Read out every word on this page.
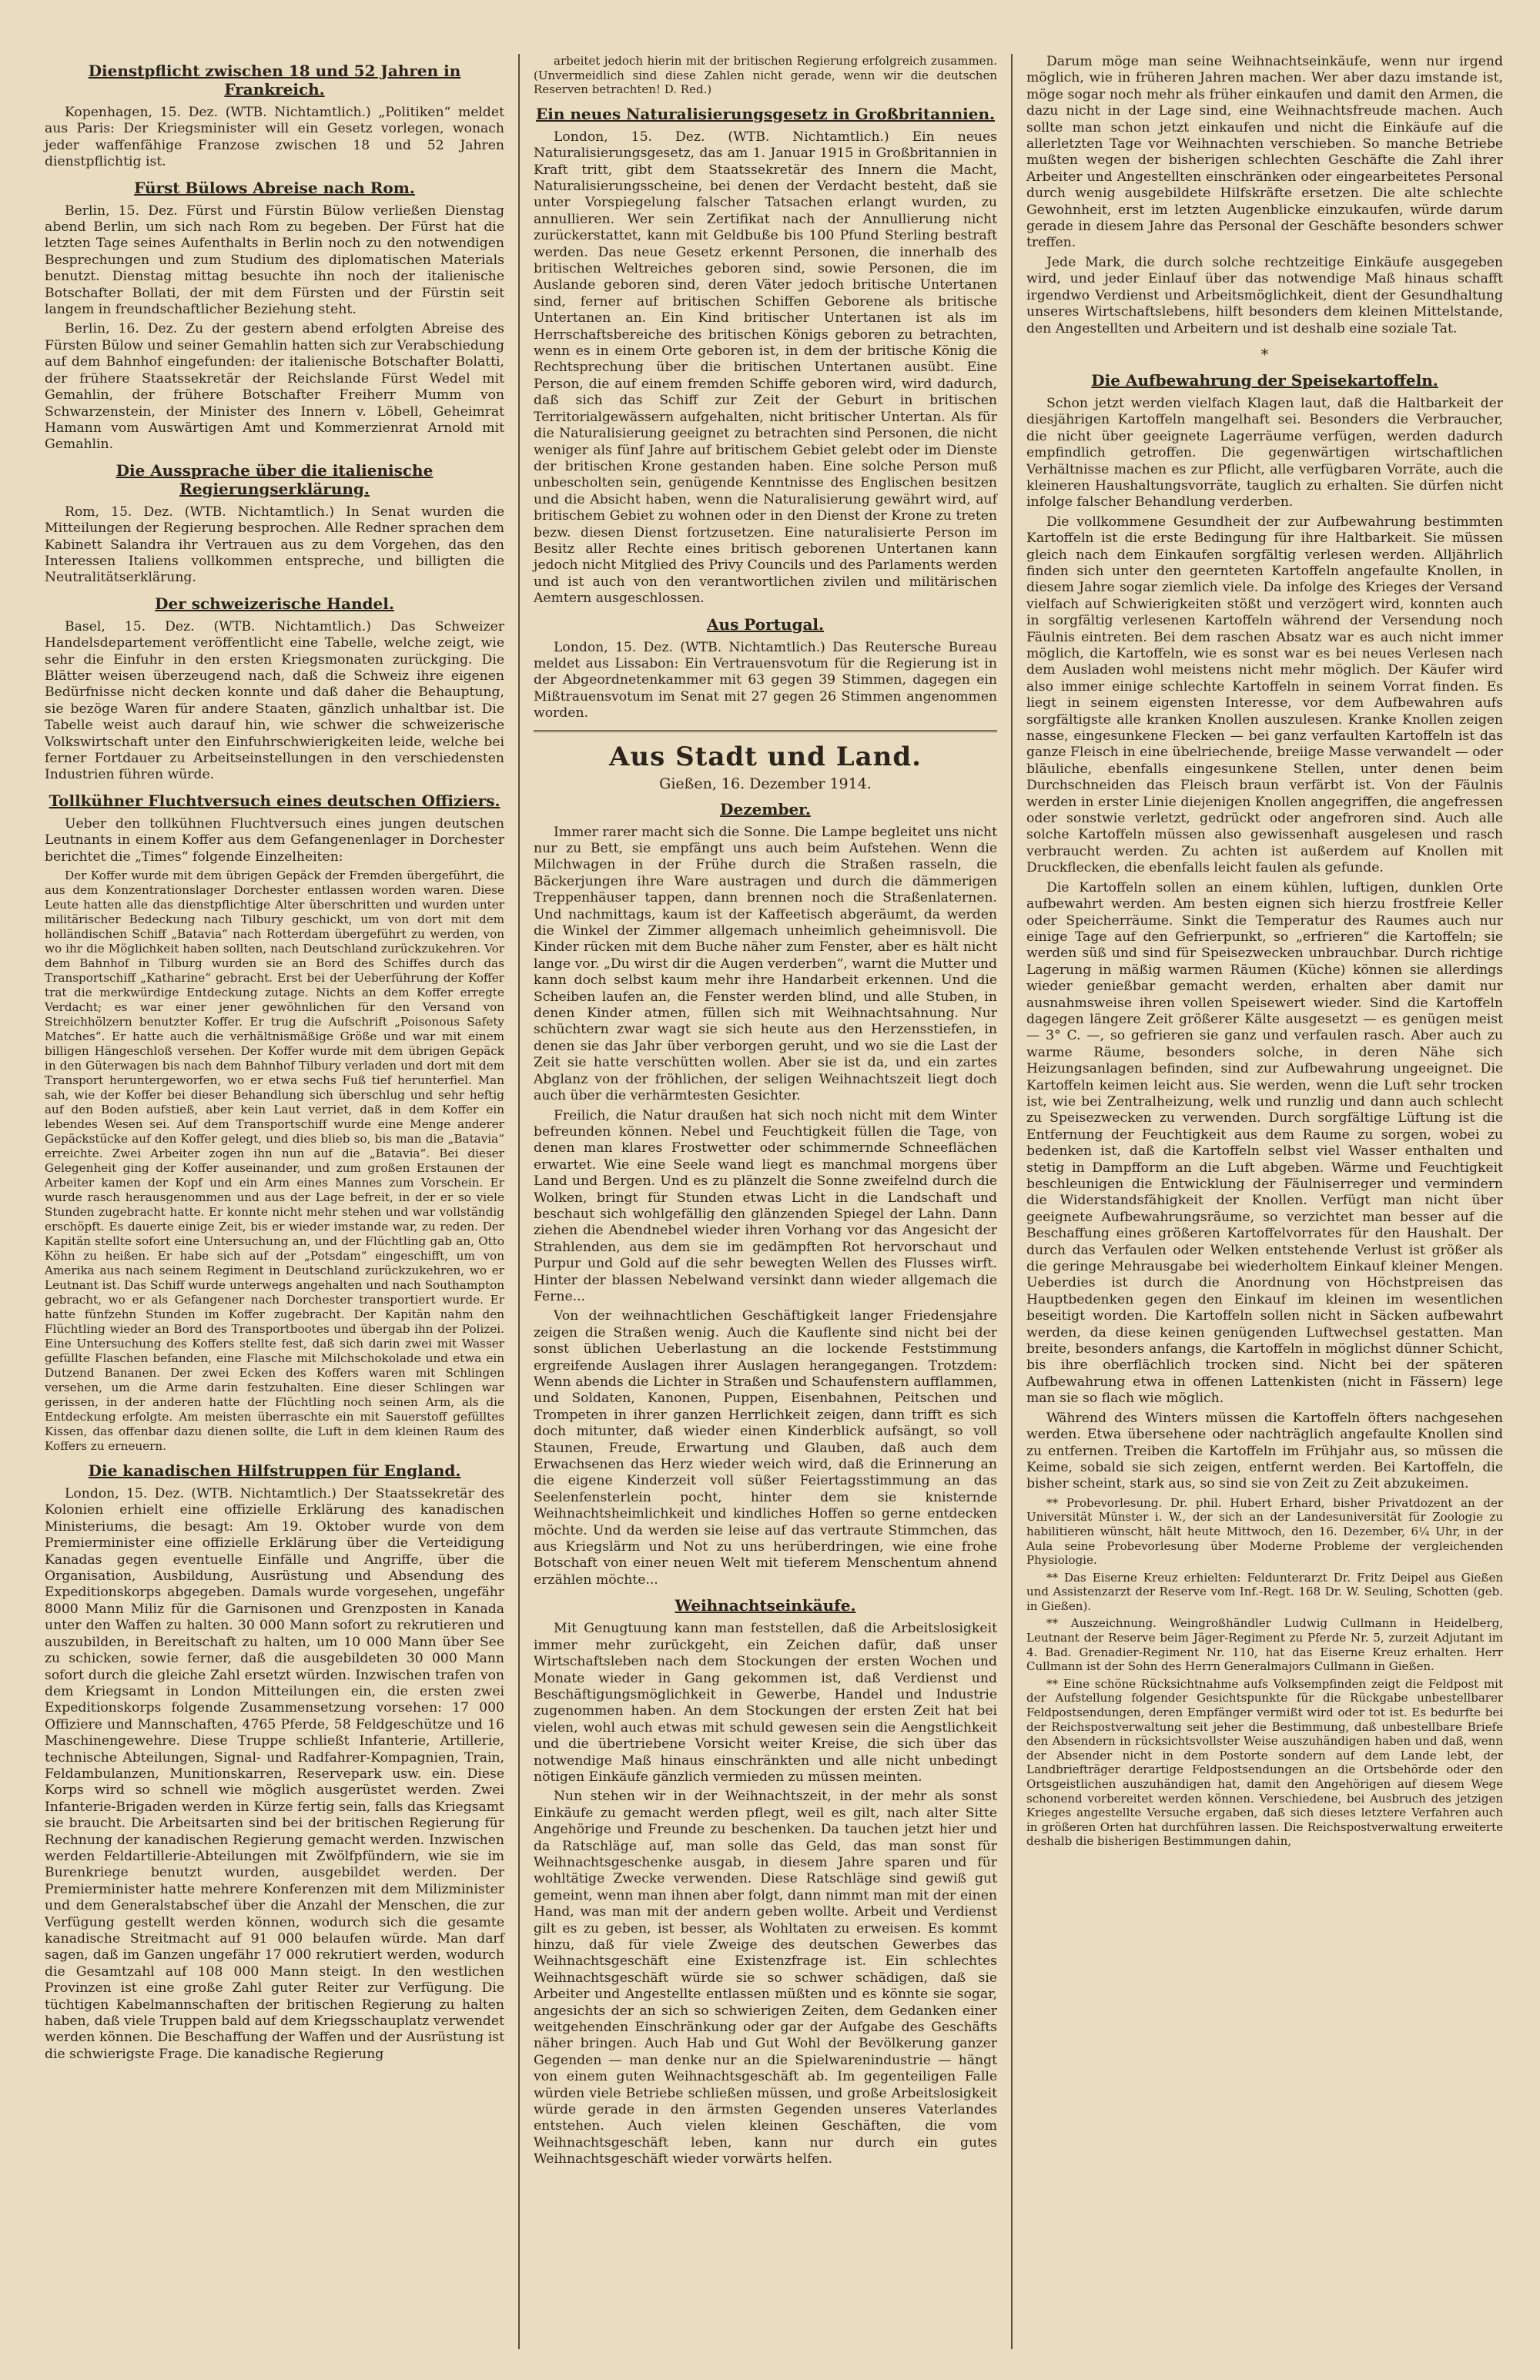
Dienstpflicht zwischen 18 und 52 Jahren in Frankreich.

Kopenhagen, 15. Dez. (WTB. Nichtamtlich.) „Politiken“ meldet aus Paris: Der Kriegsminister will ein Gesetz vorlegen, wonach jeder waffenfähige Franzose zwischen 18 und 52 Jahren dienstpflichtig ist.

Fürst Bülows Abreise nach Rom.

Berlin, 15. Dez. Fürst und Fürstin Bülow verließen Dienstag abend Berlin, um sich nach Rom zu begeben. Der Fürst hat die letzten Tage seines Aufenthalts in Berlin noch zu den notwendigen Besprechungen und zum Studium des diplomatischen Materials benutzt. Dienstag mittag besuchte ihn noch der italienische Botschafter Bollati, der mit dem Fürsten und der Fürstin seit langem in freundschaftlicher Beziehung steht.

Berlin, 16. Dez. Zu der gestern abend erfolgten Abreise des Fürsten Bülow und seiner Gemahlin hatten sich zur Verabschiedung auf dem Bahnhof eingefunden: der italienische Botschafter Bolatti, der frühere Staatssekretär der Reichslande Fürst Wedel mit Gemahlin, der frühere Botschafter Freiherr Mumm von Schwarzenstein, der Minister des Innern v. Löbell, Geheimrat Hamann vom Auswärtigen Amt und Kommerzienrat Arnold mit Gemahlin.

Die Aussprache über die italienische Regierungserklärung.

Rom, 15. Dez. (WTB. Nichtamtlich.) In Senat wurden die Mitteilungen der Regierung besprochen. Alle Redner sprachen dem Kabinett Salandra ihr Vertrauen aus zu dem Vorgehen, das den Interessen Italiens vollkommen entspreche, und billigten die Neutralitätserklärung.

Der schweizerische Handel.

Basel, 15. Dez. (WTB. Nichtamtlich.) Das Schweizer Handelsdepartement veröffentlicht eine Tabelle, welche zeigt, wie sehr die Einfuhr in den ersten Kriegsmonaten zurückging. Die Blätter weisen überzeugend nach, daß die Schweiz ihre eigenen Bedürfnisse nicht decken konnte und daß daher die Behauptung, sie bezöge Waren für andere Staaten, gänzlich unhaltbar ist. Die Tabelle weist auch darauf hin, wie schwer die schweizerische Volkswirtschaft unter den Einfuhrschwierigkeiten leide, welche bei ferner Fortdauer zu Arbeitseinstellungen in den verschiedensten Industrien führen würde.

Tollkühner Fluchtversuch eines deutschen Offiziers.

Ueber den tollkühnen Fluchtversuch eines jungen deutschen Leutnants in einem Koffer aus dem Gefangenenlager in Dorchester berichtet die „Times“ folgende Einzelheiten:

Der Koffer wurde mit dem übrigen Gepäck der Fremden übergeführt, die aus dem Konzentrationslager Dorchester entlassen worden waren. Diese Leute hatten alle das dienstpflichtige Alter überschritten und wurden unter militärischer Bedeckung nach Tilbury geschickt, um von dort mit dem holländischen Schiff „Batavia“ nach Rotterdam übergeführt zu werden, von wo ihr die Möglichkeit haben sollten, nach Deutschland zurückzukehren. Vor dem Bahnhof in Tilburg wurden sie an Bord des Schiffes durch das Transportschiff „Katharine“ gebracht. Erst bei der Ueberführung der Koffer trat die merkwürdige Entdeckung zutage. Nichts an dem Koffer erregte Verdacht; es war einer jener gewöhnlichen für den Versand von Streichhölzern benutzter Koffer. Er trug die Aufschrift „Poisonous Safety Matches“. Er hatte auch die verhältnismäßige Größe und war mit einem billigen Hängeschloß versehen. Der Koffer wurde mit dem übrigen Gepäck in den Güterwagen bis nach dem Bahnhof Tilbury verladen und dort mit dem Transport heruntergeworfen, wo er etwa sechs Fuß tief herunterfiel. Man sah, wie der Koffer bei dieser Behandlung sich überschlug und sehr heftig auf den Boden aufstieß, aber kein Laut verriet, daß in dem Koffer ein lebendes Wesen sei. Auf dem Transportschiff wurde eine Menge anderer Gepäckstücke auf den Koffer gelegt, und dies blieb so, bis man die „Batavia“ erreichte. Zwei Arbeiter zogen ihn nun auf die „Batavia“. Bei dieser Gelegenheit ging der Koffer auseinander, und zum großen Erstaunen der Arbeiter kamen der Kopf und ein Arm eines Mannes zum Vorschein. Er wurde rasch herausgenommen und aus der Lage befreit, in der er so viele Stunden zugebracht hatte. Er konnte nicht mehr stehen und war vollständig erschöpft. Es dauerte einige Zeit, bis er wieder imstande war, zu reden. Der Kapitän stellte sofort eine Untersuchung an, und der Flüchtling gab an, Otto Köhn zu heißen. Er habe sich auf der „Potsdam“ eingeschifft, um von Amerika aus nach seinem Regiment in Deutschland zurückzukehren, wo er Leutnant ist. Das Schiff wurde unterwegs angehalten und nach Southampton gebracht, wo er als Gefangener nach Dorchester transportiert wurde. Er hatte fünfzehn Stunden im Koffer zugebracht. Der Kapitän nahm den Flüchtling wieder an Bord des Transportbootes und übergab ihn der Polizei. Eine Untersuchung des Koffers stellte fest, daß sich darin zwei mit Wasser gefüllte Flaschen befanden, eine Flasche mit Milchschokolade und etwa ein Dutzend Bananen. Der zwei Ecken des Koffers waren mit Schlingen versehen, um die Arme darin festzuhalten. Eine dieser Schlingen war gerissen, in der anderen hatte der Flüchtling noch seinen Arm, als die Entdeckung erfolgte. Am meisten überraschte ein mit Sauerstoff gefülltes Kissen, das offenbar dazu dienen sollte, die Luft in dem kleinen Raum des Koffers zu erneuern.

Die kanadischen Hilfstruppen für England.

London, 15. Dez. (WTB. Nichtamtlich.) Der Staatssekretär des Kolonien erhielt eine offizielle Erklärung des kanadischen Ministeriums, die besagt: Am 19. Oktober wurde von dem Premierminister eine offizielle Erklärung über die Verteidigung Kanadas gegen eventuelle Einfälle und Angriffe, über die Organisation, Ausbildung, Ausrüstung und Absendung des Expeditionskorps abgegeben. Damals wurde vorgesehen, ungefähr 8000 Mann Miliz für die Garnisonen und Grenzposten in Kanada unter den Waffen zu halten. 30 000 Mann sofort zu rekrutieren und auszubilden, in Bereitschaft zu halten, um 10 000 Mann über See zu schicken, sowie ferner, daß die ausgebildeten 30 000 Mann sofort durch die gleiche Zahl ersetzt würden. Inzwischen trafen von dem Kriegsamt in London Mitteilungen ein, die ersten zwei Expeditionskorps folgende Zusammensetzung vorsehen: 17 000 Offiziere und Mannschaften, 4765 Pferde, 58 Feldgeschütze und 16 Maschinengewehre. Diese Truppe schließt Infanterie, Artillerie, technische Abteilungen, Signal- und Radfahrer-Kompagnien, Train, Feldambulanzen, Munitionskarren, Reservepark usw. ein. Diese Korps wird so schnell wie möglich ausgerüstet werden. Zwei Infanterie-Brigaden werden in Kürze fertig sein, falls das Kriegsamt sie braucht. Die Arbeitsarten sind bei der britischen Regierung für Rechnung der kanadischen Regierung gemacht werden. Inzwischen werden Feldartillerie-Abteilungen mit Zwölfpfündern, wie sie im Burenkriege benutzt wurden, ausgebildet werden. Der Premierminister hatte mehrere Konferenzen mit dem Milizminister und dem Generalstabschef über die Anzahl der Menschen, die zur Verfügung gestellt werden können, wodurch sich die gesamte kanadische Streitmacht auf 91 000 belaufen würde. Man darf sagen, daß im Ganzen ungefähr 17 000 rekrutiert werden, wodurch die Gesamtzahl auf 108 000 Mann steigt. In den westlichen Provinzen ist eine große Zahl guter Reiter zur Verfügung. Die tüchtigen Kabelmannschaften der britischen Regierung zu halten haben, daß viele Truppen bald auf dem Kriegsschauplatz verwendet werden können. Die Beschaffung der Waffen und der Ausrüstung ist die schwierigste Frage. Die kanadische Regierung

arbeitet jedoch hierin mit der britischen Regierung erfolgreich zusammen. (Unvermeidlich sind diese Zahlen nicht gerade, wenn wir die deutschen Reserven betrachten! D. Red.)

Ein neues Naturalisierungsgesetz in Großbritannien.

London, 15. Dez. (WTB. Nichtamtlich.) Ein neues Naturalisierungsgesetz, das am 1. Januar 1915 in Großbritannien in Kraft tritt, gibt dem Staatssekretär des Innern die Macht, Naturalisierungsscheine, bei denen der Verdacht besteht, daß sie unter Vorspiegelung falscher Tatsachen erlangt wurden, zu annullieren. Wer sein Zertifikat nach der Annullierung nicht zurückerstattet, kann mit Geldbuße bis 100 Pfund Sterling bestraft werden. Das neue Gesetz erkennt Personen, die innerhalb des britischen Weltreiches geboren sind, sowie Personen, die im Auslande geboren sind, deren Väter jedoch britische Untertanen sind, ferner auf britischen Schiffen Geborene als britische Untertanen an. Ein Kind britischer Untertanen ist als im Herrschaftsbereiche des britischen Königs geboren zu betrachten, wenn es in einem Orte geboren ist, in dem der britische König die Rechtsprechung über die britischen Untertanen ausübt. Eine Person, die auf einem fremden Schiffe geboren wird, wird dadurch, daß sich das Schiff zur Zeit der Geburt in britischen Territorialgewässern aufgehalten, nicht britischer Untertan. Als für die Naturalisierung geeignet zu betrachten sind Personen, die nicht weniger als fünf Jahre auf britischem Gebiet gelebt oder im Dienste der britischen Krone gestanden haben. Eine solche Person muß unbescholten sein, genügende Kenntnisse des Englischen besitzen und die Absicht haben, wenn die Naturalisierung gewährt wird, auf britischem Gebiet zu wohnen oder in den Dienst der Krone zu treten bezw. diesen Dienst fortzusetzen. Eine naturalisierte Person im Besitz aller Rechte eines britisch geborenen Untertanen kann jedoch nicht Mitglied des Privy Councils und des Parlaments werden und ist auch von den verantwortlichen zivilen und militärischen Aemtern ausgeschlossen.

Aus Portugal.

London, 15. Dez. (WTB. Nichtamtlich.) Das Reutersche Bureau meldet aus Lissabon: Ein Vertrauensvotum für die Regierung ist in der Abgeordnetenkammer mit 63 gegen 39 Stimmen, dagegen ein Mißtrauensvotum im Senat mit 27 gegen 26 Stimmen angenommen worden.

Aus Stadt und Land.
Gießen, 16. Dezember 1914.
Dezember.

Immer rarer macht sich die Sonne. Die Lampe begleitet uns nicht nur zu Bett, sie empfängt uns auch beim Aufstehen. Wenn die Milchwagen in der Frühe durch die Straßen rasseln, die Bäckerjungen ihre Ware austragen und durch die dämmerigen Treppenhäuser tappen, dann brennen noch die Straßenlaternen. Und nachmittags, kaum ist der Kaffeetisch abgeräumt, da werden die Winkel der Zimmer allgemach unheimlich geheimnisvoll. Die Kinder rücken mit dem Buche näher zum Fenster, aber es hält nicht lange vor. „Du wirst dir die Augen verderben“, warnt die Mutter und kann doch selbst kaum mehr ihre Handarbeit erkennen. Und die Scheiben laufen an, die Fenster werden blind, und alle Stuben, in denen Kinder atmen, füllen sich mit Weihnachtsahnung. Nur schüchtern zwar wagt sie sich heute aus den Herzensstiefen, in denen sie das Jahr über verborgen geruht, und wo sie die Last der Zeit sie hatte verschütten wollen. Aber sie ist da, und ein zartes Abglanz von der fröhlichen, der seligen Weihnachtszeit liegt doch auch über die verhärmtesten Gesichter.

Freilich, die Natur draußen hat sich noch nicht mit dem Winter befreunden können. Nebel und Feuchtigkeit füllen die Tage, von denen man klares Frostwetter oder schimmernde Schneeflächen erwartet. Wie eine Seele wand liegt es manchmal morgens über Land und Bergen. Und es zu plänzelt die Sonne zweifelnd durch die Wolken, bringt für Stunden etwas Licht in die Landschaft und beschaut sich wohlgefällig den glänzenden Spiegel der Lahn. Dann ziehen die Abendnebel wieder ihren Vorhang vor das Angesicht der Strahlenden, aus dem sie im gedämpften Rot hervorschaut und Purpur und Gold auf die sehr bewegten Wellen des Flusses wirft. Hinter der blassen Nebelwand versinkt dann wieder allgemach die Ferne...

Von der weihnachtlichen Geschäftigkeit langer Friedensjahre zeigen die Straßen wenig. Auch die Kauflente sind nicht bei der sonst üblichen Ueberlastung an die lockende Feststimmung ergreifende Auslagen ihrer Auslagen herangegangen. Trotzdem: Wenn abends die Lichter in Straßen und Schaufenstern aufflammen, und Soldaten, Kanonen, Puppen, Eisenbahnen, Peitschen und Trompeten in ihrer ganzen Herrlichkeit zeigen, dann trifft es sich doch mitunter, daß wieder einen Kinderblick aufsängt, so voll Staunen, Freude, Erwartung und Glauben, daß auch dem Erwachsenen das Herz wieder weich wird, daß die Erinnerung an die eigene Kinderzeit voll süßer Feiertagsstimmung an das Seelenfensterlein pocht, hinter dem sie knisternde Weihnachtsheimlichkeit und kindliches Hoffen so gerne entdecken möchte. Und da werden sie leise auf das vertraute Stimmchen, das aus Kriegslärm und Not zu uns herüberdringen, wie eine frohe Botschaft von einer neuen Welt mit tieferem Menschentum ahnend erzählen möchte...

Weihnachtseinkäufe.

Mit Genugtuung kann man feststellen, daß die Arbeitslosigkeit immer mehr zurückgeht, ein Zeichen dafür, daß unser Wirtschaftsleben nach dem Stockungen der ersten Wochen und Monate wieder in Gang gekommen ist, daß Verdienst und Beschäftigungsmöglichkeit in Gewerbe, Handel und Industrie zugenommen haben. An dem Stockungen der ersten Zeit hat bei vielen, wohl auch etwas mit schuld gewesen sein die Aengstlichkeit und die übertriebene Vorsicht weiter Kreise, die sich über das notwendige Maß hinaus einschränkten und alle nicht unbedingt nötigen Einkäufe gänzlich vermieden zu müssen meinten.

Nun stehen wir in der Weihnachtszeit, in der mehr als sonst Einkäufe zu gemacht werden pflegt, weil es gilt, nach alter Sitte Angehörige und Freunde zu beschenken. Da tauchen jetzt hier und da Ratschläge auf, man solle das Geld, das man sonst für Weihnachtsgeschenke ausgab, in diesem Jahre sparen und für wohltätige Zwecke verwenden. Diese Ratschläge sind gewiß gut gemeint, wenn man ihnen aber folgt, dann nimmt man mit der einen Hand, was man mit der andern geben wollte. Arbeit und Verdienst gilt es zu geben, ist besser, als Wohltaten zu erweisen. Es kommt hinzu, daß für viele Zweige des deutschen Gewerbes das Weihnachtsgeschäft eine Existenzfrage ist. Ein schlechtes Weihnachtsgeschäft würde sie so schwer schädigen, daß sie Arbeiter und Angestellte entlassen müßten und es könnte sie sogar, angesichts der an sich so schwierigen Zeiten, dem Gedanken einer weitgehenden Einschränkung oder gar der Aufgabe des Geschäfts näher bringen. Auch Hab und Gut Wohl der Bevölkerung ganzer Gegenden — man denke nur an die Spielwarenindustrie — hängt von einem guten Weihnachtsgeschäft ab. Im gegenteiligen Falle würden viele Betriebe schließen müssen, und große Arbeitslosigkeit würde gerade in den ärmsten Gegenden unseres Vaterlandes entstehen. Auch vielen kleinen Geschäften, die vom Weihnachtsgeschäft leben, kann nur durch ein gutes Weihnachtsgeschäft wieder vorwärts helfen.

Darum möge man seine Weihnachtseinkäufe, wenn nur irgend möglich, wie in früheren Jahren machen. Wer aber dazu imstande ist, möge sogar noch mehr als früher einkaufen und damit den Armen, die dazu nicht in der Lage sind, eine Weihnachtsfreude machen. Auch sollte man schon jetzt einkaufen und nicht die Einkäufe auf die allerletzten Tage vor Weihnachten verschieben. So manche Betriebe mußten wegen der bisherigen schlechten Geschäfte die Zahl ihrer Arbeiter und Angestellten einschränken oder eingearbeitetes Personal durch wenig ausgebildete Hilfskräfte ersetzen. Die alte schlechte Gewohnheit, erst im letzten Augenblicke einzukaufen, würde darum gerade in diesem Jahre das Personal der Geschäfte besonders schwer treffen.

Jede Mark, die durch solche rechtzeitige Einkäufe ausgegeben wird, und jeder Einlauf über das notwendige Maß hinaus schafft irgendwo Verdienst und Arbeitsmöglichkeit, dient der Gesundhaltung unseres Wirtschaftslebens, hilft besonders dem kleinen Mittelstande, den Angestellten und Arbeitern und ist deshalb eine soziale Tat.

*
Die Aufbewahrung der Speisekartoffeln.

Schon jetzt werden vielfach Klagen laut, daß die Haltbarkeit der diesjährigen Kartoffeln mangelhaft sei. Besonders die Verbraucher, die nicht über geeignete Lagerräume verfügen, werden dadurch empfindlich getroffen. Die gegenwärtigen wirtschaftlichen Verhältnisse machen es zur Pflicht, alle verfügbaren Vorräte, auch die kleineren Haushaltungsvorräte, tauglich zu erhalten. Sie dürfen nicht infolge falscher Behandlung verderben.

Die vollkommene Gesundheit der zur Aufbewahrung bestimmten Kartoffeln ist die erste Bedingung für ihre Haltbarkeit. Sie müssen gleich nach dem Einkaufen sorgfältig verlesen werden. Alljährlich finden sich unter den geernteten Kartoffeln angefaulte Knollen, in diesem Jahre sogar ziemlich viele. Da infolge des Krieges der Versand vielfach auf Schwierigkeiten stößt und verzögert wird, konnten auch in sorgfältig verlesenen Kartoffeln während der Versendung noch Fäulnis eintreten. Bei dem raschen Absatz war es auch nicht immer möglich, die Kartoffeln, wie es sonst war es bei neues Verlesen nach dem Ausladen wohl meistens nicht mehr möglich. Der Käufer wird also immer einige schlechte Kartoffeln in seinem Vorrat finden. Es liegt in seinem eigensten Interesse, vor dem Aufbewahren aufs sorgfältigste alle kranken Knollen auszulesen. Kranke Knollen zeigen nasse, eingesunkene Flecken — bei ganz verfaulten Kartoffeln ist das ganze Fleisch in eine übelriechende, breiige Masse verwandelt — oder bläuliche, ebenfalls eingesunkene Stellen, unter denen beim Durchschneiden das Fleisch braun verfärbt ist. Von der Fäulnis werden in erster Linie diejenigen Knollen angegriffen, die angefressen oder sonstwie verletzt, gedrückt oder angefroren sind. Auch alle solche Kartoffeln müssen also gewissenhaft ausgelesen und rasch verbraucht werden. Zu achten ist außerdem auf Knollen mit Druckflecken, die ebenfalls leicht faulen als gefunde.

Die Kartoffeln sollen an einem kühlen, luftigen, dunklen Orte aufbewahrt werden. Am besten eignen sich hierzu frostfreie Keller oder Speicherräume. Sinkt die Temperatur des Raumes auch nur einige Tage auf den Gefrierpunkt, so „erfrieren“ die Kartoffeln; sie werden süß und sind für Speisezwecken unbrauchbar. Durch richtige Lagerung in mäßig warmen Räumen (Küche) können sie allerdings wieder genießbar gemacht werden, erhalten aber damit nur ausnahmsweise ihren vollen Speisewert wieder. Sind die Kartoffeln dagegen längere Zeit größerer Kälte ausgesetzt — es genügen meist — 3° C. —, so gefrieren sie ganz und verfaulen rasch. Aber auch zu warme Räume, besonders solche, in deren Nähe sich Heizungsanlagen befinden, sind zur Aufbewahrung ungeeignet. Die Kartoffeln keimen leicht aus. Sie werden, wenn die Luft sehr trocken ist, wie bei Zentralheizung, welk und runzlig und dann auch schlecht zu Speisezwecken zu verwenden. Durch sorgfältige Lüftung ist die Entfernung der Feuchtigkeit aus dem Raume zu sorgen, wobei zu bedenken ist, daß die Kartoffeln selbst viel Wasser enthalten und stetig in Dampfform an die Luft abgeben. Wärme und Feuchtigkeit beschleunigen die Entwicklung der Fäulniserreger und vermindern die Widerstandsfähigkeit der Knollen. Verfügt man nicht über geeignete Aufbewahrungsräume, so verzichtet man besser auf die Beschaffung eines größeren Kartoffelvorrates für den Haushalt. Der durch das Verfaulen oder Welken entstehende Verlust ist größer als die geringe Mehrausgabe bei wiederholtem Einkauf kleiner Mengen. Ueberdies ist durch die Anordnung von Höchstpreisen das Hauptbedenken gegen den Einkauf im kleinen im wesentlichen beseitigt worden. Die Kartoffeln sollen nicht in Säcken aufbewahrt werden, da diese keinen genügenden Luftwechsel gestatten. Man breite, besonders anfangs, die Kartoffeln in möglichst dünner Schicht, bis ihre oberflächlich trocken sind. Nicht bei der späteren Aufbewahrung etwa in offenen Lattenkisten (nicht in Fässern) lege man sie so flach wie möglich.

Während des Winters müssen die Kartoffeln öfters nachgesehen werden. Etwa übersehene oder nachträglich angefaulte Knollen sind zu entfernen. Treiben die Kartoffeln im Frühjahr aus, so müssen die Keime, sobald sie sich zeigen, entfernt werden. Bei Kartoffeln, die bisher scheint, stark aus, so sind sie von Zeit zu Zeit abzukeimen.

** Probevorlesung. Dr. phil. Hubert Erhard, bisher Privatdozent an der Universität Münster i. W., der sich an der Landesuniversität für Zoologie zu habilitieren wünscht, hält heute Mittwoch, den 16. Dezember, 6¼ Uhr, in der Aula seine Probevorlesung über Moderne Probleme der vergleichenden Physiologie.

** Das Eiserne Kreuz erhielten: Feldunterarzt Dr. Fritz Deipel aus Gießen und Assistenzarzt der Reserve vom Inf.-Regt. 168 Dr. W. Seuling, Schotten (geb. in Gießen).

** Auszeichnung. Weingroßhändler Ludwig Cullmann in Heidelberg, Leutnant der Reserve beim Jäger-Regiment zu Pferde Nr. 5, zurzeit Adjutant im 4. Bad. Grenadier-Regiment Nr. 110, hat das Eiserne Kreuz erhalten. Herr Cullmann ist der Sohn des Herrn Generalmajors Cullmann in Gießen.

** Eine schöne Rücksichtnahme aufs Volksempfinden zeigt die Feldpost mit der Aufstellung folgender Gesichtspunkte für die Rückgabe unbestellbarer Feldpostsendungen, deren Empfänger vermißt wird oder tot ist. Es bedurfte bei der Reichspostverwaltung seit jeher die Bestimmung, daß unbestellbare Briefe den Absendern in rücksichtsvollster Weise auszuhändigen haben und daß, wenn der Absender nicht in dem Postorte sondern auf dem Lande lebt, der Landbriefträger derartige Feldpostsendungen an die Ortsbehörde oder den Ortsgeistlichen auszuhändigen hat, damit den Angehörigen auf diesem Wege schonend vorbereitet werden können. Verschiedene, bei Ausbruch des jetzigen Krieges angestellte Versuche ergaben, daß sich dieses letztere Verfahren auch in größeren Orten hat durchführen lassen. Die Reichspostverwaltung erweiterte deshalb die bisherigen Bestimmungen dahin,
